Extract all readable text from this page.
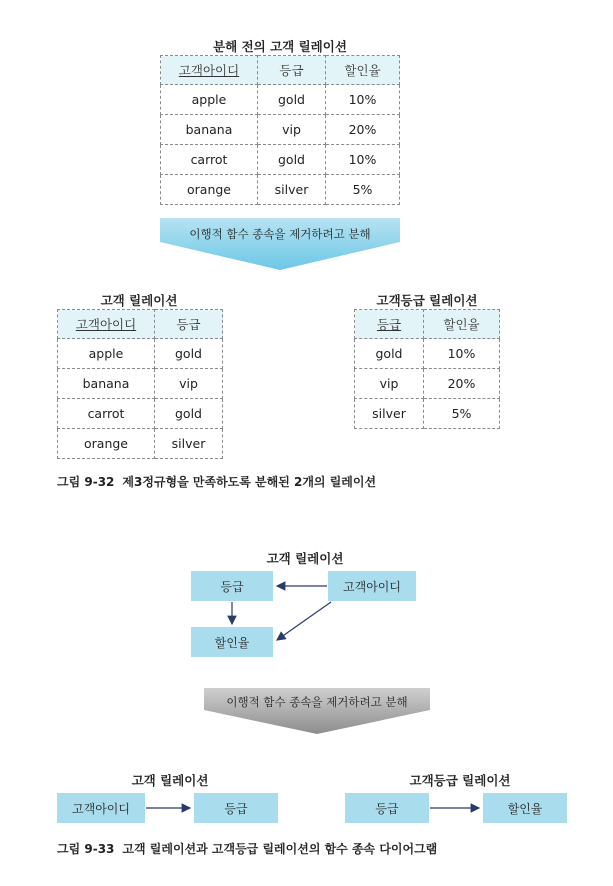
분해 전의 고객 릴레이션
고객아이디	등급	할인율
apple	gold	10%
banana	vip	20%
carrot	gold	10%
orange	silver	5%
이행적 함수 종속을 제거하려고 분해
고객 릴레이션
고객아이디	등급
apple	gold
banana	vip
carrot	gold
orange	silver
고객등급 릴레이션
등급	할인율
gold	10%
vip	20%
silver	5%
그림 9-32 제3정규형을 만족하도록 분해된 2개의 릴레이션
고객 릴레이션
등급	고객아이디
할인율
이행적 함수 종속을 제거하려고 분해
고객 릴레이션
고객아이디	등급
고객등급 릴레이션
등급	할인율
그림 9-33 고객 릴레이션과 고객등급 릴레이션의 함수 종속 다이어그램
